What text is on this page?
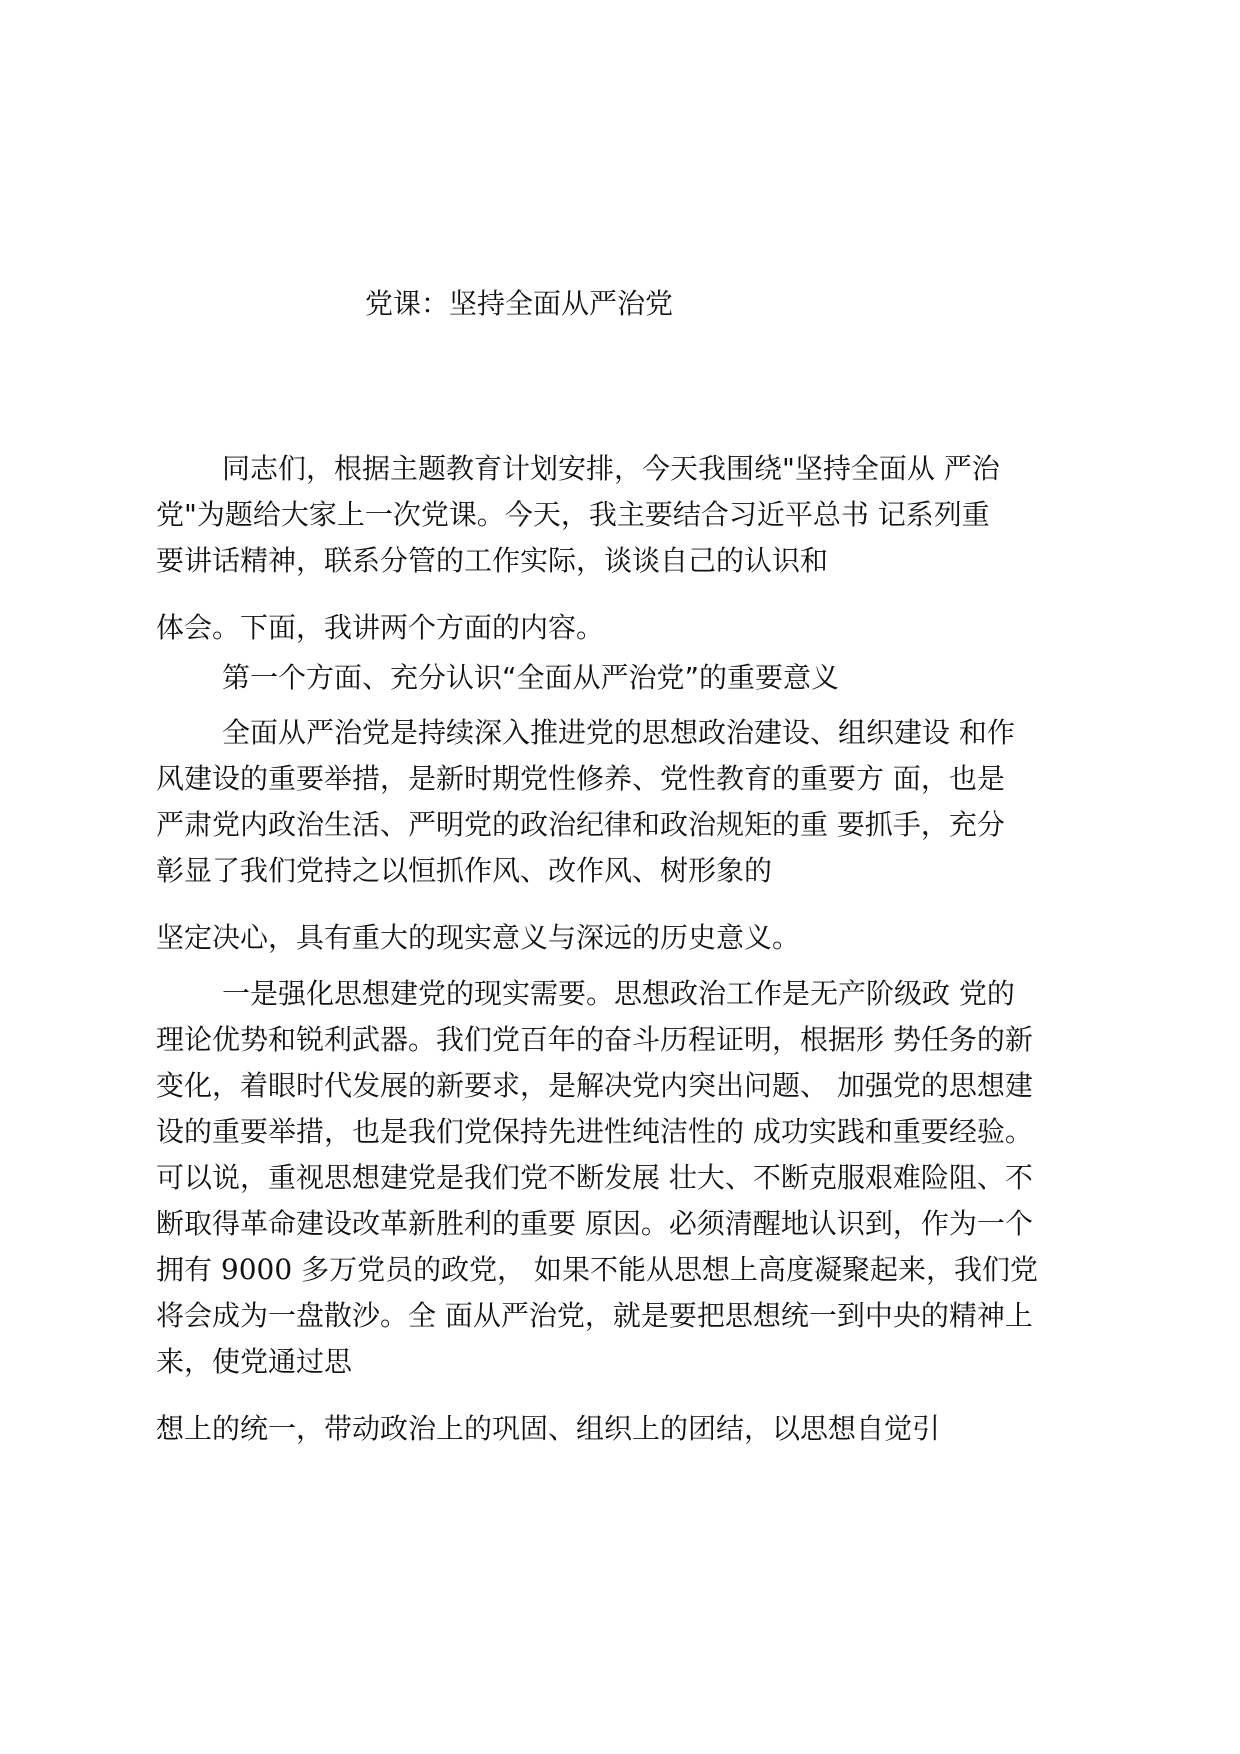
党课：坚持全面从严治党
同志们，根据主题教育计划安排，今天我围绕"坚持全面从 严治
党"为题给大家上一次党课。今天，我主要结合习近平总书 记系列重
要讲话精神，联系分管的工作实际，谈谈自己的认识和
体会。下面，我讲两个方面的内容。
第一个方面、充分认识“全面从严治党”的重要意义
全面从严治党是持续深入推进党的思想政治建设、组织建设 和作
风建设的重要举措，是新时期党性修养、党性教育的重要方 面，也是
严肃党内政治生活、严明党的政治纪律和政治规矩的重 要抓手，充分
彰显了我们党持之以恒抓作风、改作风、树形象的
坚定决心，具有重大的现实意义与深远的历史意义。
一是强化思想建党的现实需要。思想政治工作是无产阶级政 党的
理论优势和锐利武器。我们党百年的奋斗历程证明，根据形 势任务的新
变化，着眼时代发展的新要求，是解决党内突出问题、 加强党的思想建
设的重要举措，也是我们党保持先进性纯洁性的 成功实践和重要经验。
可以说，重视思想建党是我们党不断发展 壮大、不断克服艰难险阻、不
断取得革命建设改革新胜利的重要 原因。必须清醒地认识到，作为一个
拥有 9000 多万党员的政党， 如果不能从思想上高度凝聚起来，我们党
将会成为一盘散沙。全 面从严治党，就是要把思想统一到中央的精神上
来，使党通过思
想上的统一，带动政治上的巩固、组织上的团结，以思想自觉引
